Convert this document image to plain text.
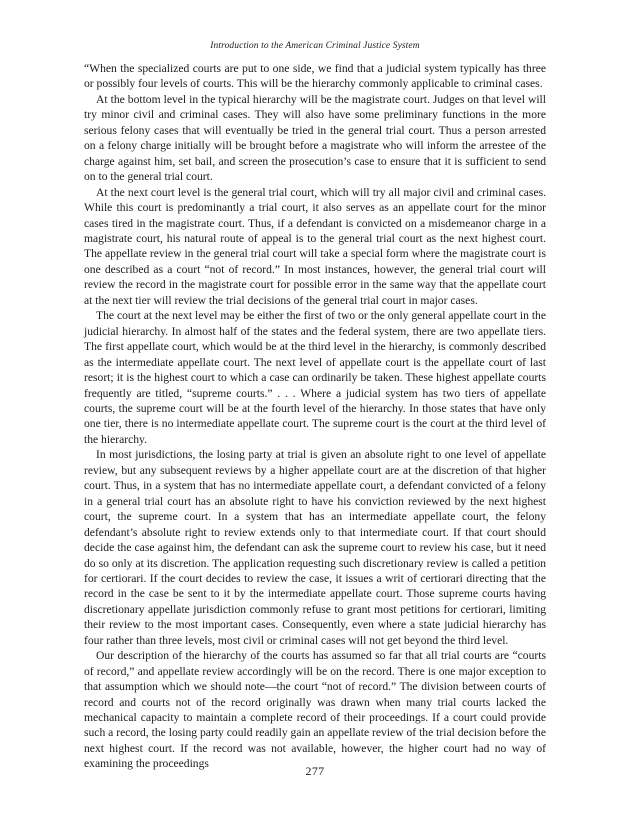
Introduction to the American Criminal Justice System

“When the specialized courts are put to one side, we find that a judicial system typically has three or possibly four levels of courts. This will be the hierarchy commonly applicable to criminal cases.

At the bottom level in the typical hierarchy will be the magistrate court. Judges on that level will try minor civil and criminal cases. They will also have some preliminary functions in the more serious felony cases that will eventually be tried in the general trial court. Thus a person arrested on a felony charge initially will be brought before a magistrate who will inform the arrestee of the charge against him, set bail, and screen the prosecution’s case to ensure that it is sufficient to send on to the general trial court.

At the next court level is the general trial court, which will try all major civil and criminal cases. While this court is predominantly a trial court, it also serves as an appellate court for the minor cases tired in the magistrate court. Thus, if a defendant is convicted on a misdemeanor charge in a magistrate court, his natural route of appeal is to the general trial court as the next highest court. The appellate review in the general trial court will take a special form where the magistrate court is one described as a court “not of record.” In most instances, however, the general trial court will review the record in the magistrate court for possible error in the same way that the appellate court at the next tier will review the trial decisions of the general trial court in major cases.

The court at the next level may be either the first of two or the only general appellate court in the judicial hierarchy. In almost half of the states and the federal system, there are two appellate tiers. The first appellate court, which would be at the third level in the hierarchy, is commonly described as the intermediate appellate court. The next level of appellate court is the appellate court of last resort; it is the highest court to which a case can ordinarily be taken. These highest appellate courts frequently are titled, “supreme courts.” . . . Where a judicial system has two tiers of appellate courts, the supreme court will be at the fourth level of the hierarchy. In those states that have only one tier, there is no intermediate appellate court. The supreme court is the court at the third level of the hierarchy.

In most jurisdictions, the losing party at trial is given an absolute right to one level of appellate review, but any subsequent reviews by a higher appellate court are at the discretion of that higher court. Thus, in a system that has no intermediate appellate court, a defendant convicted of a felony in a general trial court has an absolute right to have his conviction reviewed by the next highest court, the supreme court. In a system that has an intermediate appellate court, the felony defendant’s absolute right to review extends only to that intermediate court. If that court should decide the case against him, the defendant can ask the supreme court to review his case, but it need do so only at its discretion. The application requesting such discretionary review is called a petition for certiorari. If the court decides to review the case, it issues a writ of certiorari directing that the record in the case be sent to it by the intermediate appellate court. Those supreme courts having discretionary appellate jurisdiction commonly refuse to grant most petitions for certiorari, limiting their review to the most important cases. Consequently, even where a state judicial hierarchy has four rather than three levels, most civil or criminal cases will not get beyond the third level.

Our description of the hierarchy of the courts has assumed so far that all trial courts are “courts of record,” and appellate review accordingly will be on the record. There is one major exception to that assumption which we should note—the court “not of record.” The division between courts of record and courts not of the record originally was drawn when many trial courts lacked the mechanical capacity to maintain a complete record of their proceedings. If a court could provide such a record, the losing party could readily gain an appellate review of the trial decision before the next highest court. If the record was not available, however, the higher court had no way of examining the proceedings

277
